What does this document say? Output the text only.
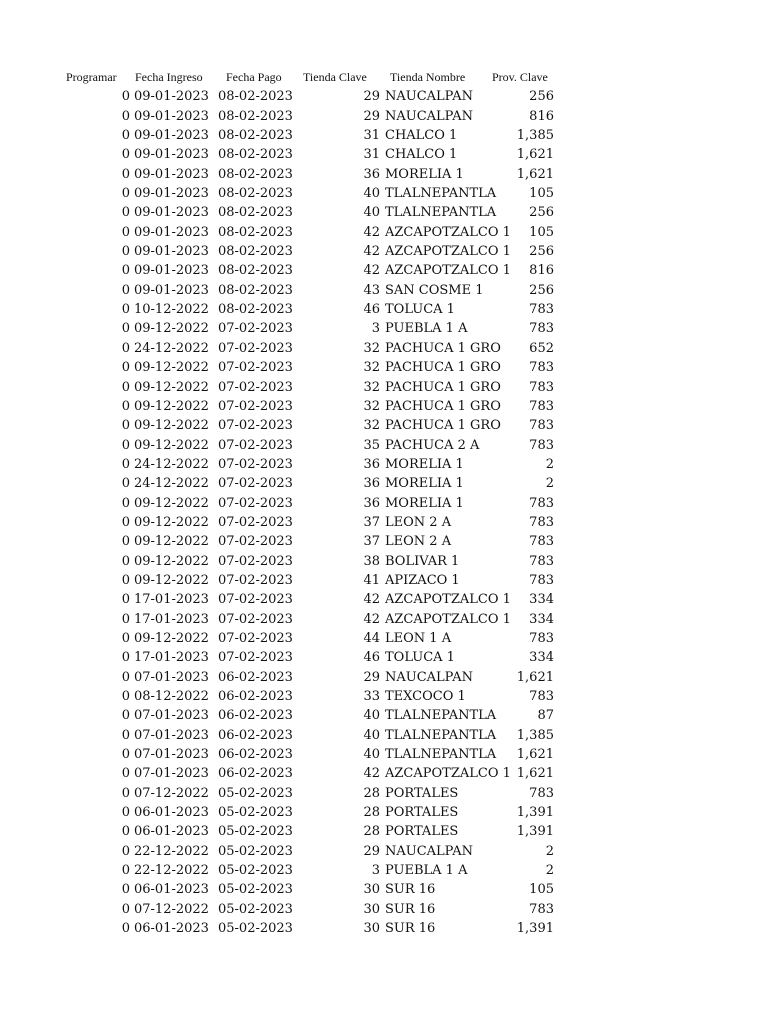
Programar	Fecha Ingreso	Fecha Pago	Tienda Clave	Tienda Nombre	Prov. Clave
0 09-01-2023 08-02-2023	29 NAUCALPAN	256
0 09-01-2023 08-02-2023	29 NAUCALPAN	816
0 09-01-2023 08-02-2023	31 CHALCO 1	1,385
0 09-01-2023 08-02-2023	31 CHALCO 1	1,621
0 09-01-2023 08-02-2023	36 MORELIA 1	1,621
0 09-01-2023 08-02-2023	40 TLALNEPANTLA	105
0 09-01-2023 08-02-2023	40 TLALNEPANTLA	256
0 09-01-2023 08-02-2023	42 AZCAPOTZALCO 1	105
0 09-01-2023 08-02-2023	42 AZCAPOTZALCO 1	256
0 09-01-2023 08-02-2023	42 AZCAPOTZALCO 1	816
0 09-01-2023 08-02-2023	43 SAN COSME 1	256
0 10-12-2022 08-02-2023	46 TOLUCA 1	783
0 09-12-2022 07-02-2023	3 PUEBLA 1 A	783
0 24-12-2022 07-02-2023	32 PACHUCA 1 GRO	652
0 09-12-2022 07-02-2023	32 PACHUCA 1 GRO	783
0 09-12-2022 07-02-2023	32 PACHUCA 1 GRO	783
0 09-12-2022 07-02-2023	32 PACHUCA 1 GRO	783
0 09-12-2022 07-02-2023	32 PACHUCA 1 GRO	783
0 09-12-2022 07-02-2023	35 PACHUCA 2 A	783
0 24-12-2022 07-02-2023	36 MORELIA 1	2
0 24-12-2022 07-02-2023	36 MORELIA 1	2
0 09-12-2022 07-02-2023	36 MORELIA 1	783
0 09-12-2022 07-02-2023	37 LEON 2 A	783
0 09-12-2022 07-02-2023	37 LEON 2 A	783
0 09-12-2022 07-02-2023	38 BOLIVAR 1	783
0 09-12-2022 07-02-2023	41 APIZACO 1	783
0 17-01-2023 07-02-2023	42 AZCAPOTZALCO 1	334
0 17-01-2023 07-02-2023	42 AZCAPOTZALCO 1	334
0 09-12-2022 07-02-2023	44 LEON 1 A	783
0 17-01-2023 07-02-2023	46 TOLUCA 1	334
0 07-01-2023 06-02-2023	29 NAUCALPAN	1,621
0 08-12-2022 06-02-2023	33 TEXCOCO 1	783
0 07-01-2023 06-02-2023	40 TLALNEPANTLA	87
0 07-01-2023 06-02-2023	40 TLALNEPANTLA	1,385
0 07-01-2023 06-02-2023	40 TLALNEPANTLA	1,621
0 07-01-2023 06-02-2023	42 AZCAPOTZALCO 1 1,621
0 07-12-2022 05-02-2023	28 PORTALES	783
0 06-01-2023 05-02-2023	28 PORTALES	1,391
0 06-01-2023 05-02-2023	28 PORTALES	1,391
0 22-12-2022 05-02-2023	29 NAUCALPAN	2
0 22-12-2022 05-02-2023	3 PUEBLA 1 A	2
0 06-01-2023 05-02-2023	30 SUR 16	105
0 07-12-2022 05-02-2023	30 SUR 16	783
0 06-01-2023 05-02-2023	30 SUR 16	1,391
